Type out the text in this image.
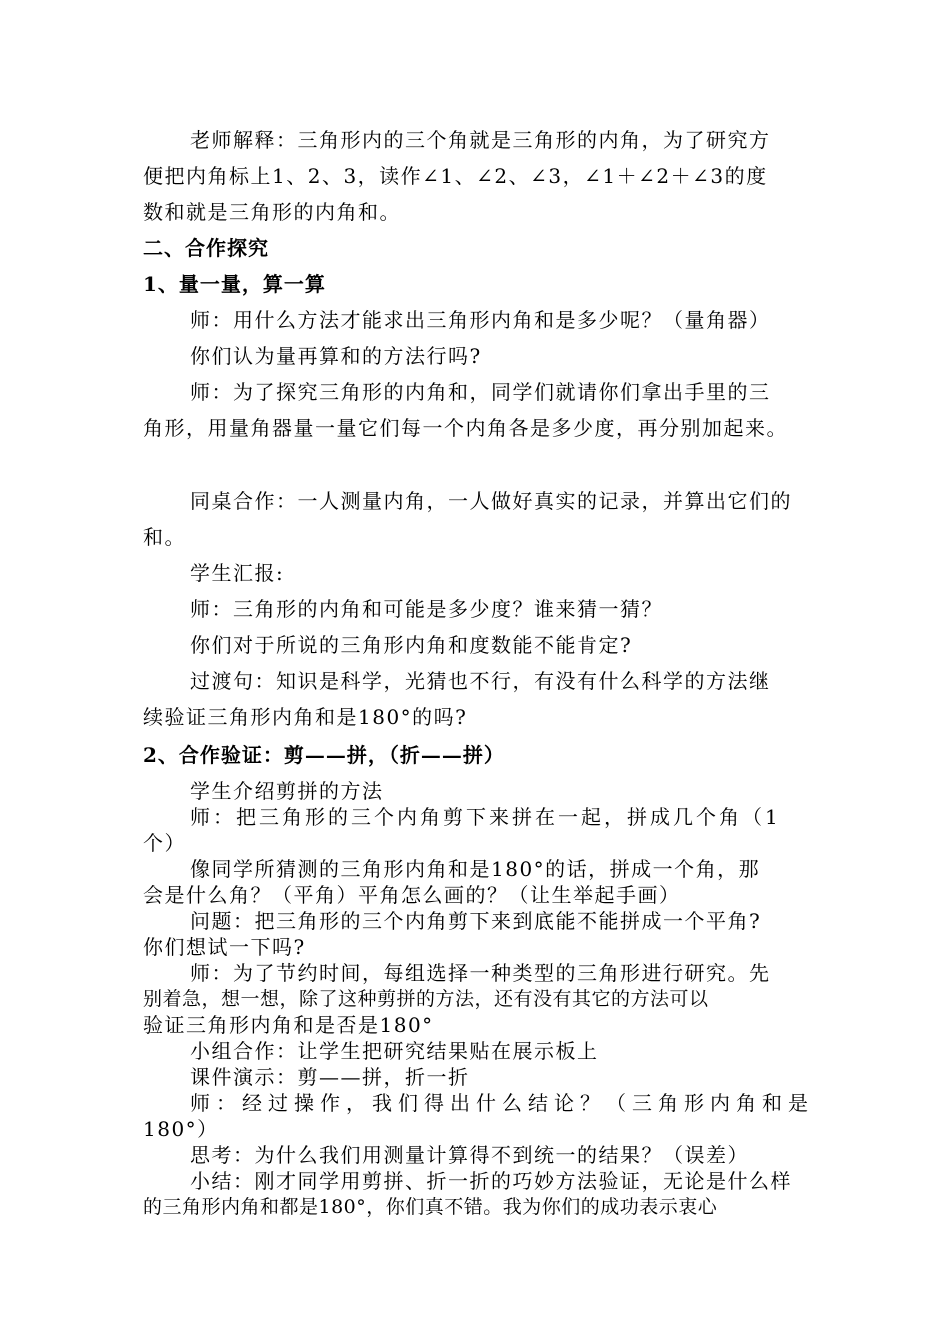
老师解释：三角形内的三个角就是三角形的内角，为了研究方
便把内角标上1、2、3，读作∠1、∠2、∠3，∠1＋∠2＋∠3的度
数和就是三角形的内角和。
二、合作探究
1、量一量，算一算
师：用什么方法才能求出三角形内角和是多少呢？（量角器）
你们认为量再算和的方法行吗?
师：为了探究三角形的内角和，同学们就请你们拿出手里的三
角形，用量角器量一量它们每一个内角各是多少度，再分别加起来。
同桌合作：一人测量内角，一人做好真实的记录，并算出它们的
和。
学生汇报:
师：三角形的内角和可能是多少度？谁来猜一猜？
你们对于所说的三角形内角和度数能不能肯定?
过渡句：知识是科学，光猜也不行，有没有什么科学的方法继
续验证三角形内角和是180°的吗?
2、合作验证：剪——拼，（折——拼）
学生介绍剪拼的方法
师：把三角形的三个内角剪下来拼在一起，拼成几个角（1
个）
像同学所猜测的三角形内角和是180°的话，拼成一个角，那
会是什么角？（平角）平角怎么画的？（让生举起手画）
问题：把三角形的三个内角剪下来到底能不能拼成一个平角?
你们想试一下吗?
师：为了节约时间，每组选择一种类型的三角形进行研究。先
别着急，想一想，除了这种剪拼的方法，还有没有其它的方法可以
验证三角形内角和是否是180°
小组合作：让学生把研究结果贴在展示板上
课件演示：剪——拼，折一折
师：经过操作，我们得出什么结论？（三角形内角和是
180°）
思考：为什么我们用测量计算得不到统一的结果？（误差）
小结：刚才同学用剪拼、折一折的巧妙方法验证，无论是什么样
的三角形内角和都是180°，你们真不错。我为你们的成功表示衷心
